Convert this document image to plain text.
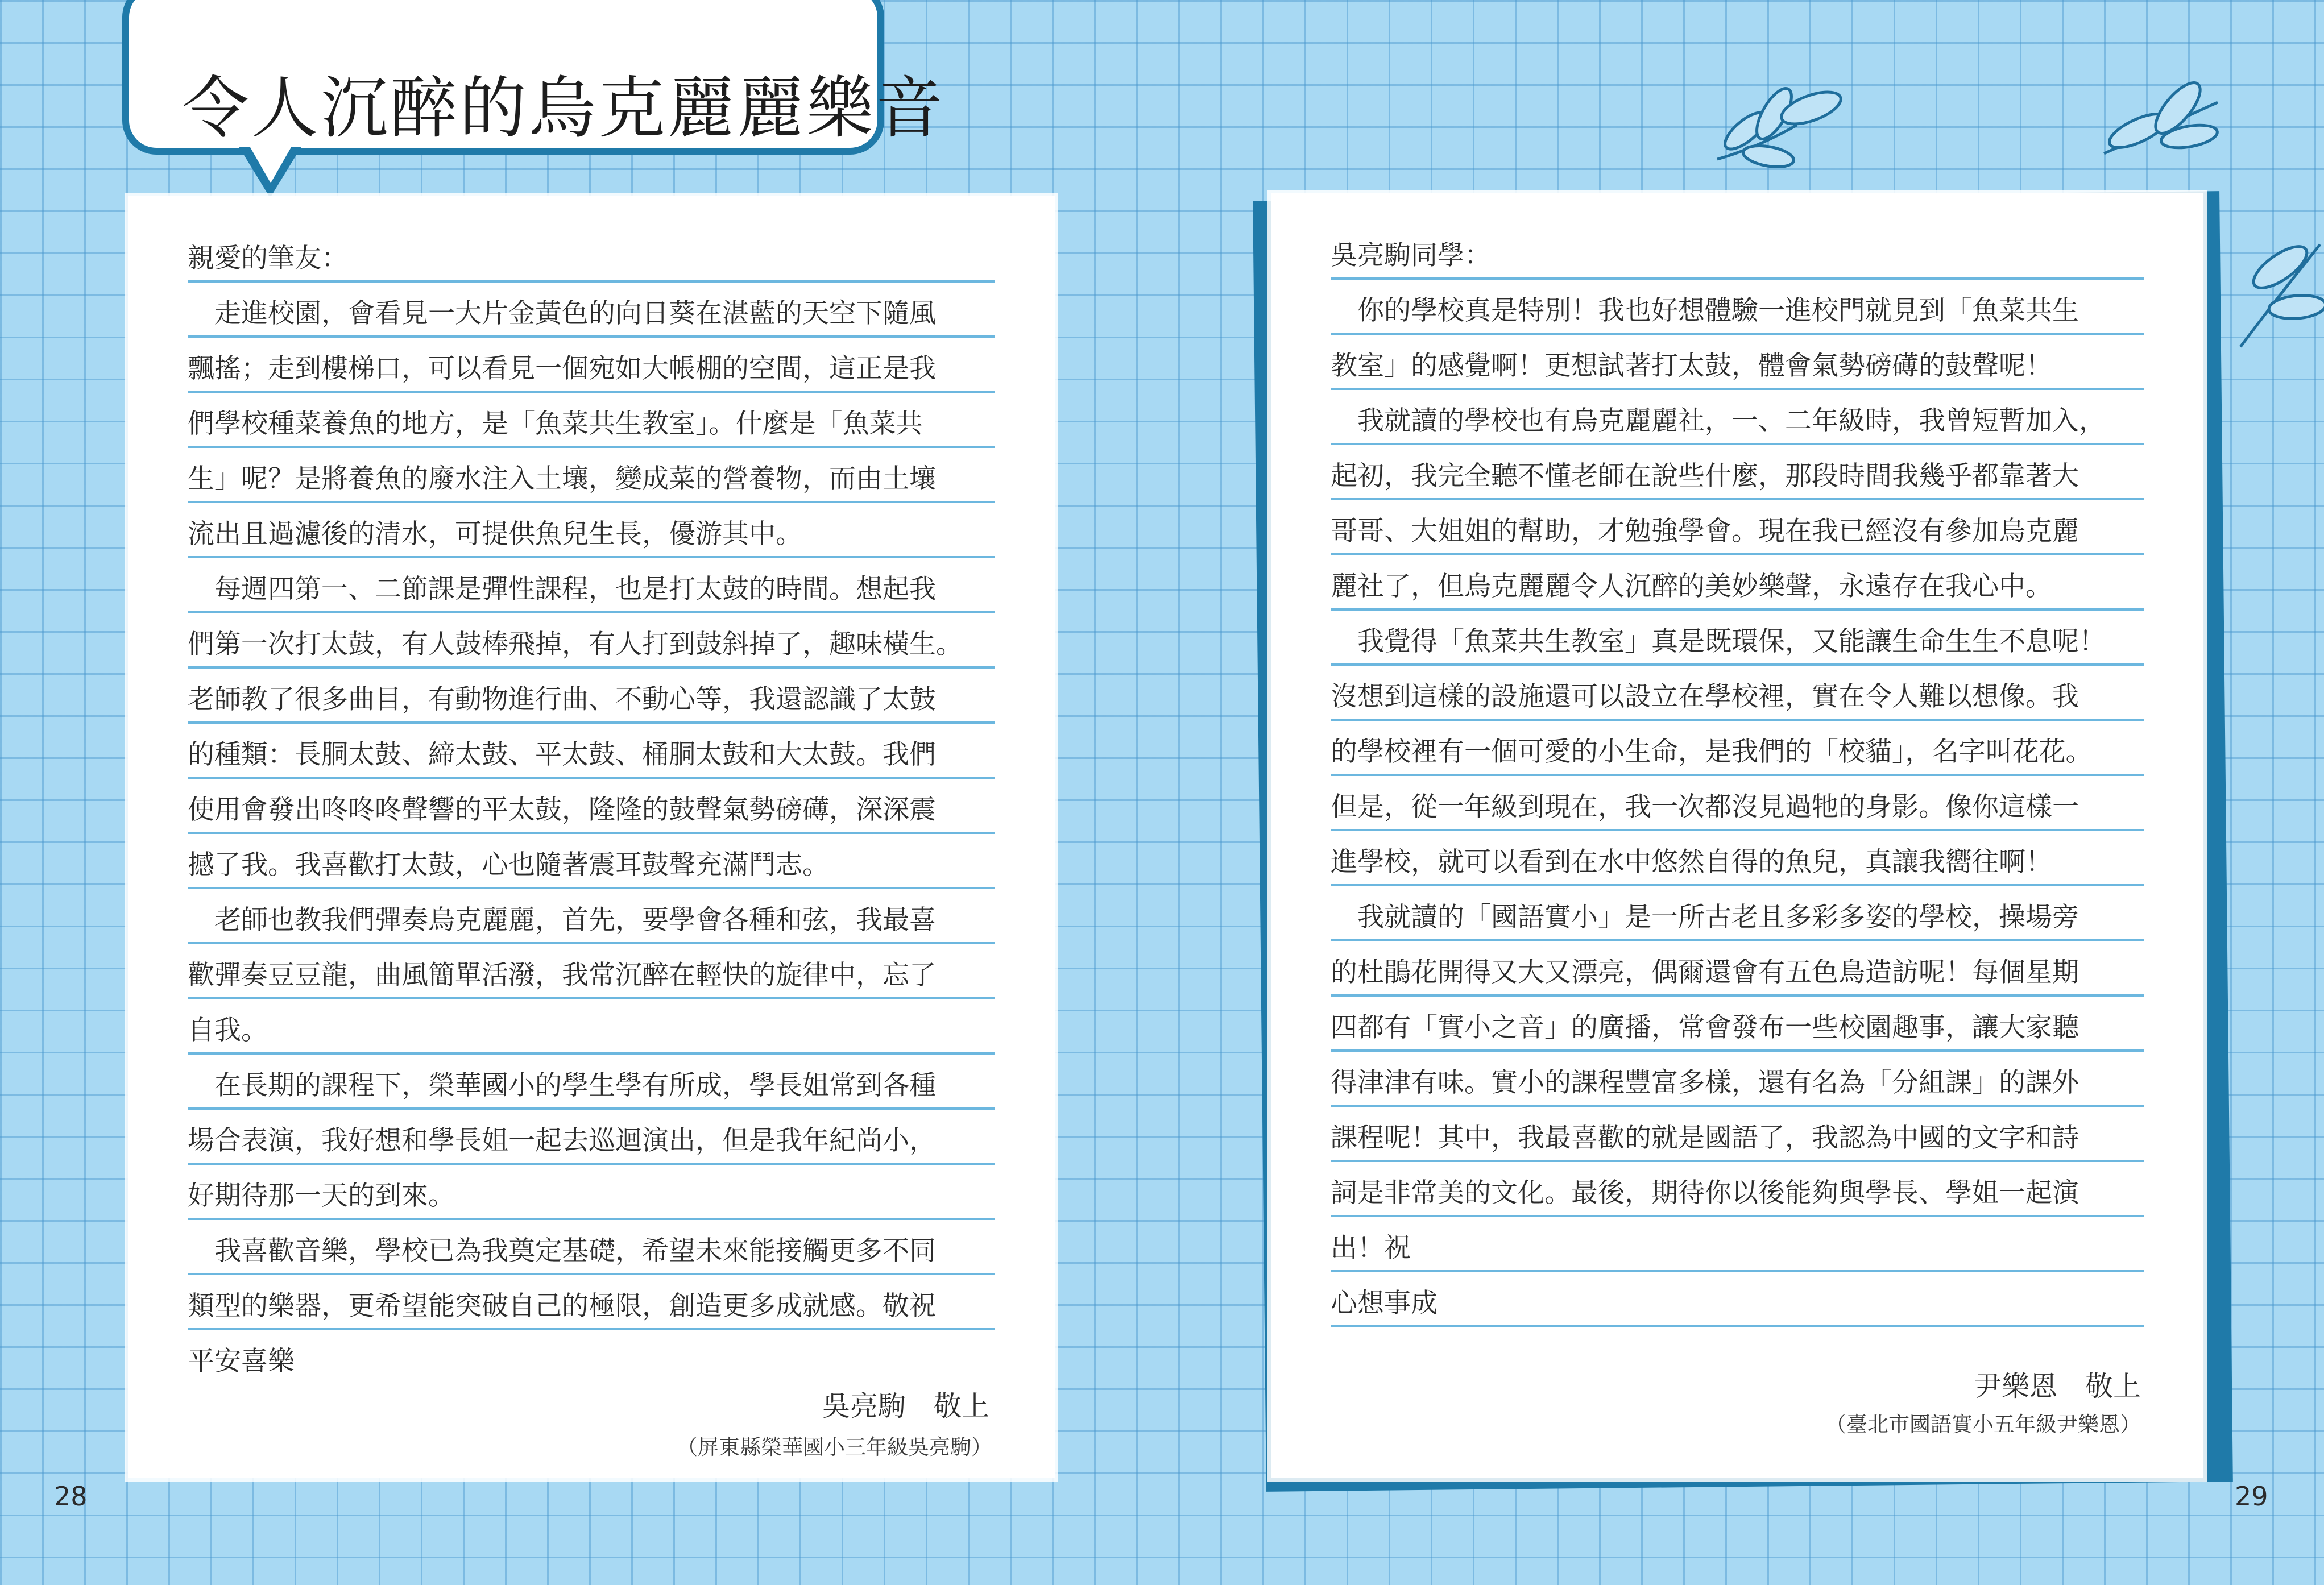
令人沉醉的烏克麗麗樂音
親愛的筆友：
　走進校園，會看見一大片金黃色的向日葵在湛藍的天空下隨風
飄搖；走到樓梯口，可以看見一個宛如大帳棚的空間，這正是我
們學校種菜養魚的地方，是「魚菜共生教室」。什麼是「魚菜共
生」呢？是將養魚的廢水注入土壤，變成菜的營養物，而由土壤
流出且過濾後的清水，可提供魚兒生長，優游其中。
　每週四第一、二節課是彈性課程，也是打太鼓的時間。想起我
們第一次打太鼓，有人鼓棒飛掉，有人打到鼓斜掉了，趣味橫生。
老師教了很多曲目，有動物進行曲、不動心等，我還認識了太鼓
的種類：長胴太鼓、締太鼓、平太鼓、桶胴太鼓和大太鼓。我們
使用會發出咚咚咚聲響的平太鼓，隆隆的鼓聲氣勢磅礡，深深震
撼了我。我喜歡打太鼓，心也隨著震耳鼓聲充滿鬥志。
　老師也教我們彈奏烏克麗麗，首先，要學會各種和弦，我最喜
歡彈奏豆豆龍，曲風簡單活潑，我常沉醉在輕快的旋律中，忘了
自我。
　在長期的課程下，榮華國小的學生學有所成，學長姐常到各種
場合表演，我好想和學長姐一起去巡迴演出，但是我年紀尚小，
好期待那一天的到來。
　我喜歡音樂，學校已為我奠定基礎，希望未來能接觸更多不同
類型的樂器，更希望能突破自己的極限，創造更多成就感。敬祝
平安喜樂
吳亮駒　敬上
（屏東縣榮華國小三年級吳亮駒）
吳亮駒同學：
　你的學校真是特別！我也好想體驗一進校門就見到「魚菜共生
教室」的感覺啊！更想試著打太鼓，體會氣勢磅礡的鼓聲呢！
　我就讀的學校也有烏克麗麗社，一、二年級時，我曾短暫加入，
起初，我完全聽不懂老師在說些什麼，那段時間我幾乎都靠著大
哥哥、大姐姐的幫助，才勉強學會。現在我已經沒有參加烏克麗
麗社了，但烏克麗麗令人沉醉的美妙樂聲，永遠存在我心中。
　我覺得「魚菜共生教室」真是既環保，又能讓生命生生不息呢！
沒想到這樣的設施還可以設立在學校裡，實在令人難以想像。我
的學校裡有一個可愛的小生命，是我們的「校貓」，名字叫花花。
但是，從一年級到現在，我一次都沒見過牠的身影。像你這樣一
進學校，就可以看到在水中悠然自得的魚兒，真讓我嚮往啊！
　我就讀的「國語實小」是一所古老且多彩多姿的學校，操場旁
的杜鵑花開得又大又漂亮，偶爾還會有五色鳥造訪呢！每個星期
四都有「實小之音」的廣播，常會發布一些校園趣事，讓大家聽
得津津有味。實小的課程豐富多樣，還有名為「分組課」的課外
課程呢！其中，我最喜歡的就是國語了，我認為中國的文字和詩
詞是非常美的文化。最後，期待你以後能夠與學長、學姐一起演
出！祝
心想事成
尹樂恩　敬上
（臺北市國語實小五年級尹樂恩）
28	29
